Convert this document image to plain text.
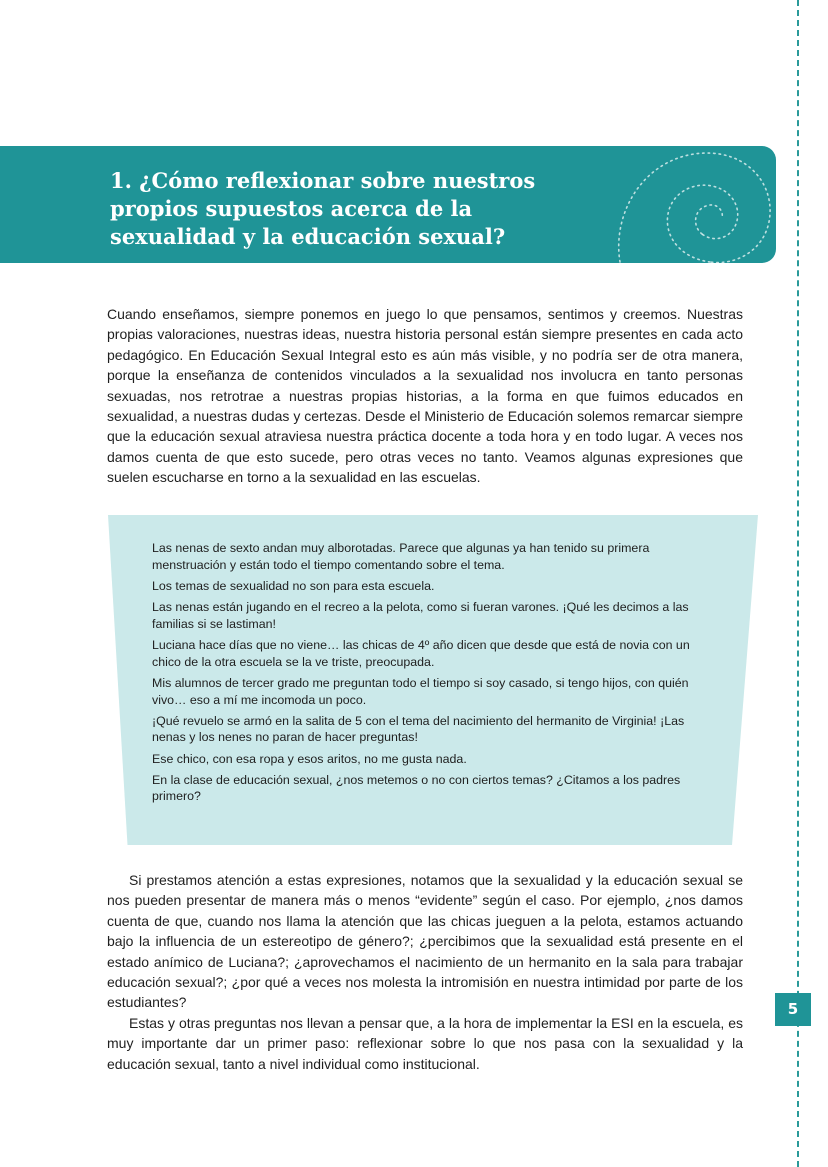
1. ¿Cómo reflexionar sobre nuestros propios supuestos acerca de la sexualidad y la educación sexual?

Cuando enseñamos, siempre ponemos en juego lo que pensamos, sentimos y creemos. Nuestras propias valoraciones, nuestras ideas, nuestra historia personal están siempre presentes en cada acto pedagógico. En Educación Sexual Integral esto es aún más visible, y no podría ser de otra manera, porque la enseñanza de contenidos vinculados a la sexualidad nos involucra en tanto personas sexuadas, nos retrotrae a nuestras propias historias, a la forma en que fuimos educados en sexualidad, a nuestras dudas y certezas. Desde el Ministerio de Educación solemos remarcar siempre que la educación sexual atraviesa nuestra práctica docente a toda hora y en todo lugar. A veces nos damos cuenta de que esto sucede, pero otras veces no tanto. Veamos algunas expresiones que suelen escucharse en torno a la sexualidad en las escuelas.

Las nenas de sexto andan muy alborotadas. Parece que algunas ya han tenido su primera menstruación y están todo el tiempo comentando sobre el tema.
Los temas de sexualidad no son para esta escuela.
Las nenas están jugando en el recreo a la pelota, como si fueran varones. ¡Qué les decimos a las familias si se lastiman!
Luciana hace días que no viene… las chicas de 4º año dicen que desde que está de novia con un chico de la otra escuela se la ve triste, preocupada.
Mis alumnos de tercer grado me preguntan todo el tiempo si soy casado, si tengo hijos, con quién vivo… eso a mí me incomoda un poco.
¡Qué revuelo se armó en la salita de 5 con el tema del nacimiento del hermanito de Virginia! ¡Las nenas y los nenes no paran de hacer preguntas!
Ese chico, con esa ropa y esos aritos, no me gusta nada.
En la clase de educación sexual, ¿nos metemos o no con ciertos temas? ¿Citamos a los padres primero?

Si prestamos atención a estas expresiones, notamos que la sexualidad y la educación sexual se nos pueden presentar de manera más o menos “evidente” según el caso. Por ejemplo, ¿nos damos cuenta de que, cuando nos llama la atención que las chicas jueguen a la pelota, estamos actuando bajo la influencia de un estereotipo de género?; ¿percibimos que la sexualidad está presente en el estado anímico de Luciana?; ¿aprovechamos el nacimiento de un hermanito en la sala para trabajar educación sexual?; ¿por qué a veces nos molesta la intromisión en nuestra intimidad por parte de los estudiantes?

Estas y otras preguntas nos llevan a pensar que, a la hora de implementar la ESI en la escuela, es muy importante dar un primer paso: reflexionar sobre lo que nos pasa con la sexualidad y la educación sexual, tanto a nivel individual como institucional.

5
